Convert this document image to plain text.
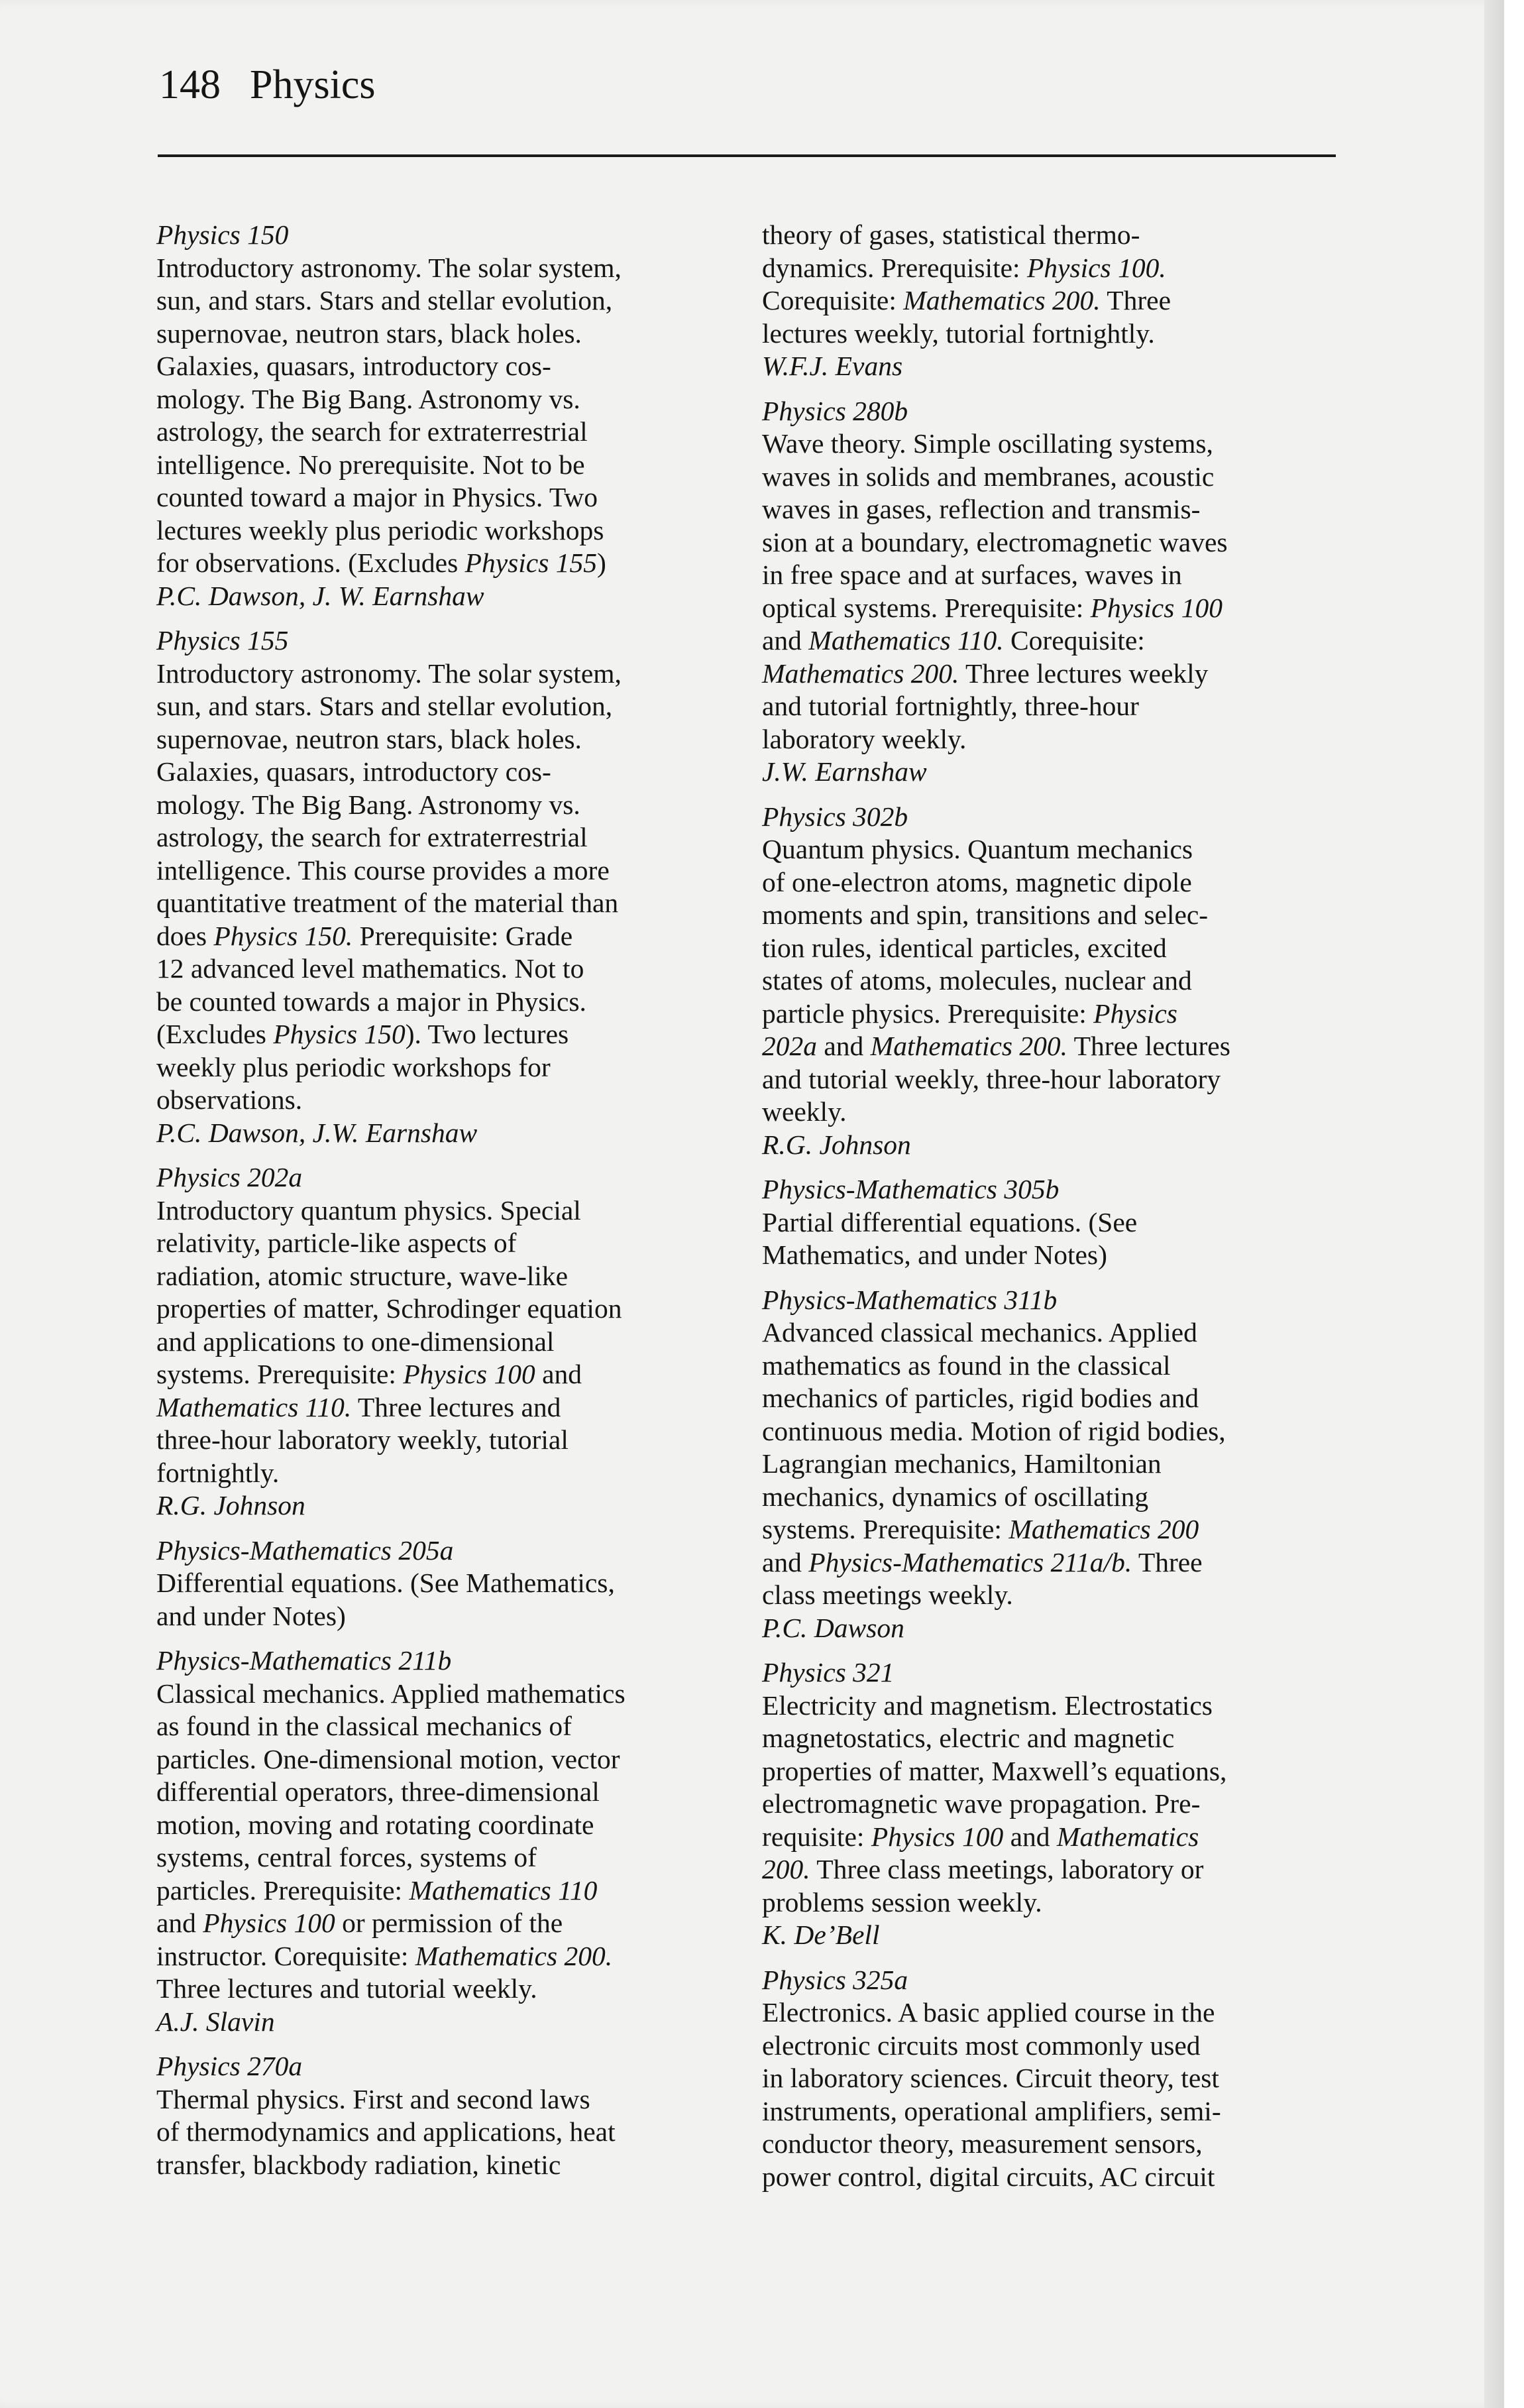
148 Physics
Physics 150
Introductory astronomy. The solar system,
sun, and stars. Stars and stellar evolution,
supernovae, neutron stars, black holes.
Galaxies, quasars, introductory cos-
mology. The Big Bang. Astronomy vs.
astrology, the search for extraterrestrial
intelligence. No prerequisite. Not to be
counted toward a major in Physics. Two
lectures weekly plus periodic workshops
for observations. (Excludes Physics 155)
P.C. Dawson, J. W. Earnshaw
Physics 155
Introductory astronomy. The solar system,
sun, and stars. Stars and stellar evolution,
supernovae, neutron stars, black holes.
Galaxies, quasars, introductory cos-
mology. The Big Bang. Astronomy vs.
astrology, the search for extraterrestrial
intelligence. This course provides a more
quantitative treatment of the material than
does Physics 150. Prerequisite: Grade
12 advanced level mathematics. Not to
be counted towards a major in Physics.
(Excludes Physics 150). Two lectures
weekly plus periodic workshops for
observations.
P.C. Dawson, J.W. Earnshaw
Physics 202a
Introductory quantum physics. Special
relativity, particle-like aspects of
radiation, atomic structure, wave-like
properties of matter, Schrodinger equation
and applications to one-dimensional
systems. Prerequisite: Physics 100 and
Mathematics 110. Three lectures and
three-hour laboratory weekly, tutorial
fortnightly.
R.G. Johnson
Physics-Mathematics 205a
Differential equations. (See Mathematics,
and under Notes)
Physics-Mathematics 211b
Classical mechanics. Applied mathematics
as found in the classical mechanics of
particles. One-dimensional motion, vector
differential operators, three-dimensional
motion, moving and rotating coordinate
systems, central forces, systems of
particles. Prerequisite: Mathematics 110
and Physics 100 or permission of the
instructor. Corequisite: Mathematics 200.
Three lectures and tutorial weekly.
A.J. Slavin
Physics 270a
Thermal physics. First and second laws
of thermodynamics and applications, heat
transfer, blackbody radiation, kinetic
theory of gases, statistical thermo-
dynamics. Prerequisite: Physics 100.
Corequisite: Mathematics 200. Three
lectures weekly, tutorial fortnightly.
W.F.J. Evans
Physics 280b
Wave theory. Simple oscillating systems,
waves in solids and membranes, acoustic
waves in gases, reflection and transmis-
sion at a boundary, electromagnetic waves
in free space and at surfaces, waves in
optical systems. Prerequisite: Physics 100
and Mathematics 110. Corequisite:
Mathematics 200. Three lectures weekly
and tutorial fortnightly, three-hour
laboratory weekly.
J.W. Earnshaw
Physics 302b
Quantum physics. Quantum mechanics
of one-electron atoms, magnetic dipole
moments and spin, transitions and selec-
tion rules, identical particles, excited
states of atoms, molecules, nuclear and
particle physics. Prerequisite: Physics
202a and Mathematics 200. Three lectures
and tutorial weekly, three-hour laboratory
weekly.
R.G. Johnson
Physics-Mathematics 305b
Partial differential equations. (See
Mathematics, and under Notes)
Physics-Mathematics 311b
Advanced classical mechanics. Applied
mathematics as found in the classical
mechanics of particles, rigid bodies and
continuous media. Motion of rigid bodies,
Lagrangian mechanics, Hamiltonian
mechanics, dynamics of oscillating
systems. Prerequisite: Mathematics 200
and Physics-Mathematics 211a/b. Three
class meetings weekly.
P.C. Dawson
Physics 321
Electricity and magnetism. Electrostatics
magnetostatics, electric and magnetic
properties of matter, Maxwell’s equations,
electromagnetic wave propagation. Pre-
requisite: Physics 100 and Mathematics
200. Three class meetings, laboratory or
problems session weekly.
K. De’Bell
Physics 325a
Electronics. A basic applied course in the
electronic circuits most commonly used
in laboratory sciences. Circuit theory, test
instruments, operational amplifiers, semi-
conductor theory, measurement sensors,
power control, digital circuits, AC circuit
